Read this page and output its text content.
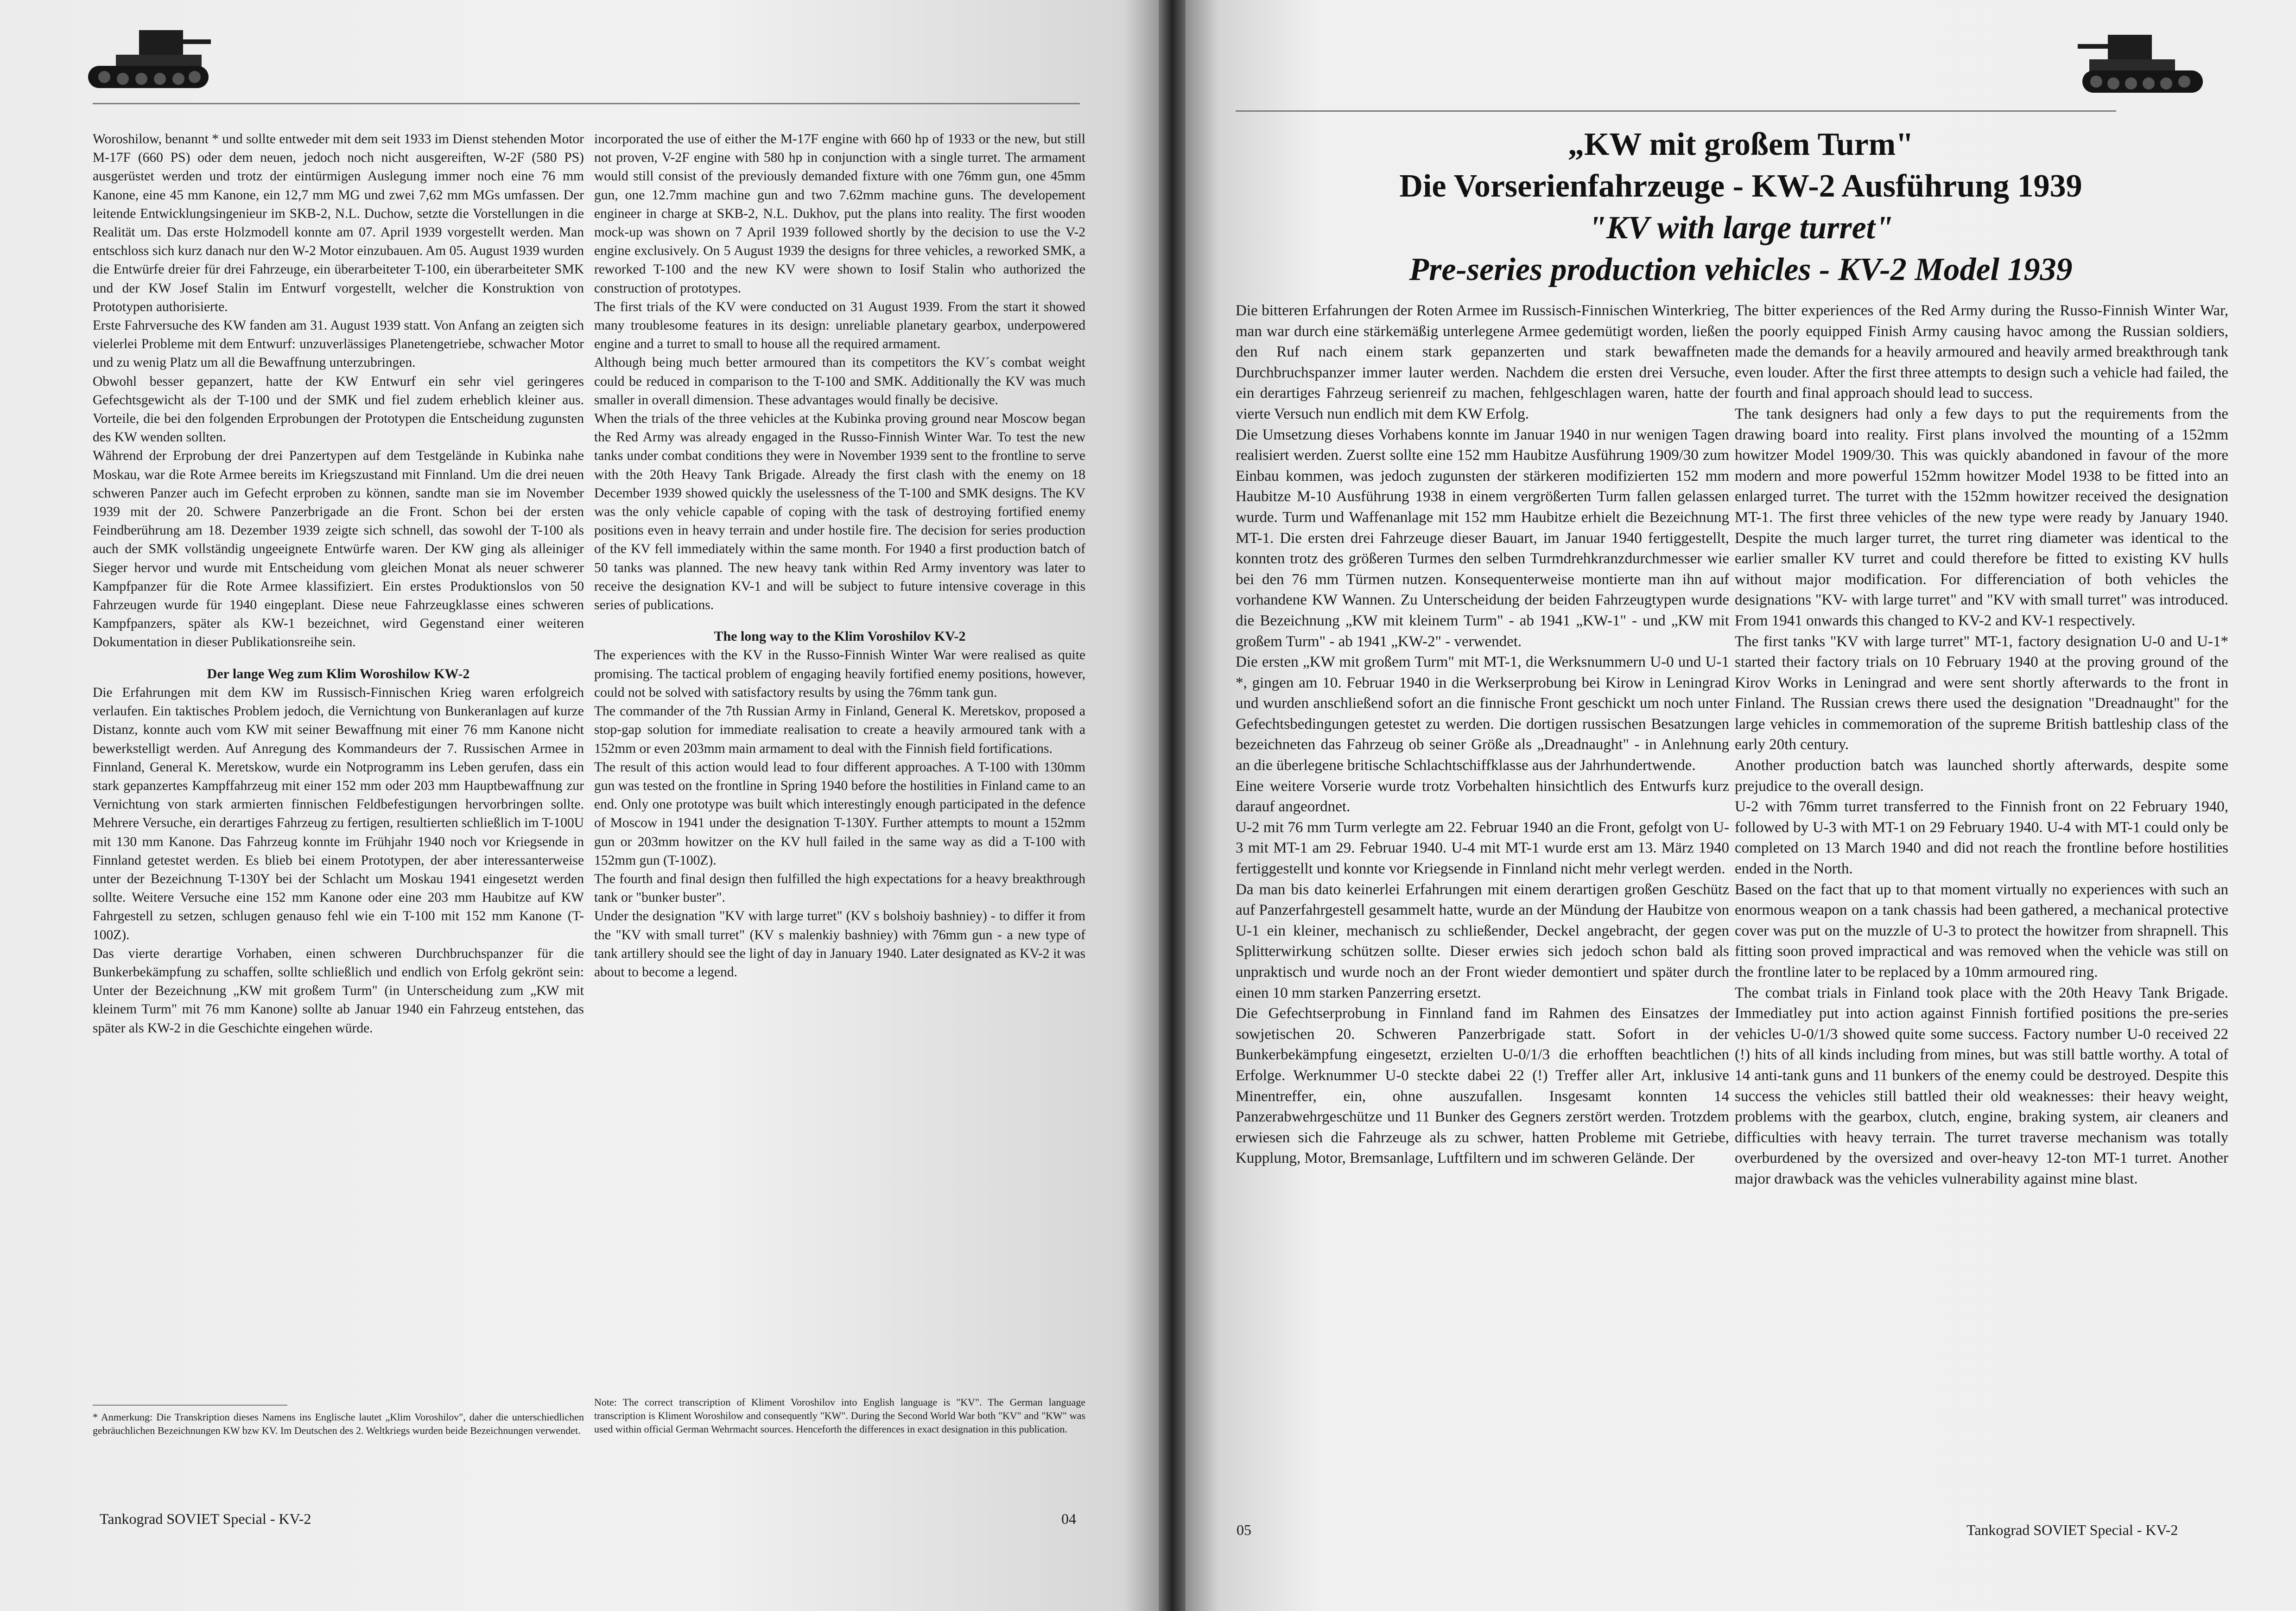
Woroshilow, benannt * und sollte entweder mit dem seit 1933 im Dienst stehenden Motor M-17F (660 PS) oder dem neuen, jedoch noch nicht ausgereiften, W-2F (580 PS) ausgerüstet werden und trotz der eintürmigen Auslegung immer noch eine 76 mm Kanone, eine 45 mm Kanone, ein 12,7 mm MG und zwei 7,62 mm MGs umfassen. Der leitende Entwicklungsingenieur im SKB-2, N.L. Duchow, setzte die Vorstellungen in die Realität um. Das erste Holzmodell konnte am 07. April 1939 vorgestellt werden. Man entschloss sich kurz danach nur den W-2 Motor einzubauen. Am 05. August 1939 wurden die Entwürfe dreier für drei Fahrzeuge, ein überarbeiteter T-100, ein überarbeiteter SMK und der KW Josef Stalin im Entwurf vorgestellt, welcher die Konstruktion von Prototypen authorisierte.

Erste Fahrversuche des KW fanden am 31. August 1939 statt. Von Anfang an zeigten sich vielerlei Probleme mit dem Entwurf: unzuverlässiges Planetengetriebe, schwacher Motor und zu wenig Platz um all die Bewaffnung unterzubringen.

Obwohl besser gepanzert, hatte der KW Entwurf ein sehr viel geringeres Gefechtsgewicht als der T-100 und der SMK und fiel zudem erheblich kleiner aus. Vorteile, die bei den folgenden Erprobungen der Prototypen die Entscheidung zugunsten des KW wenden sollten.

Während der Erprobung der drei Panzertypen auf dem Testgelände in Kubinka nahe Moskau, war die Rote Armee bereits im Kriegszustand mit Finnland. Um die drei neuen schweren Panzer auch im Gefecht erproben zu können, sandte man sie im November 1939 mit der 20. Schwere Panzerbrigade an die Front. Schon bei der ersten Feindberührung am 18. Dezember 1939 zeigte sich schnell, das sowohl der T-100 als auch der SMK vollständig ungeeignete Entwürfe waren. Der KW ging als alleiniger Sieger hervor und wurde mit Entscheidung vom gleichen Monat als neuer schwerer Kampfpanzer für die Rote Armee klassifiziert. Ein erstes Produktionslos von 50 Fahrzeugen wurde für 1940 eingeplant. Diese neue Fahrzeugklasse eines schweren Kampfpanzers, später als KW-1 bezeichnet, wird Gegenstand einer weiteren Dokumentation in dieser Publikationsreihe sein.

Der lange Weg zum Klim Woroshilow KW-2

Die Erfahrungen mit dem KW im Russisch-Finnischen Krieg waren erfolgreich verlaufen. Ein taktisches Problem jedoch, die Vernichtung von Bunkeranlagen auf kurze Distanz, konnte auch vom KW mit seiner Bewaffnung mit einer 76 mm Kanone nicht bewerkstelligt werden. Auf Anregung des Kommandeurs der 7. Russischen Armee in Finnland, General K. Meretskow, wurde ein Notprogramm ins Leben gerufen, dass ein stark gepanzertes Kampffahrzeug mit einer 152 mm oder 203 mm Hauptbewaffnung zur Vernichtung von stark armierten finnischen Feldbefestigungen hervorbringen sollte. Mehrere Versuche, ein derartiges Fahrzeug zu fertigen, resultierten schließlich im T-100U mit 130 mm Kanone. Das Fahrzeug konnte im Frühjahr 1940 noch vor Kriegsende in Finnland getestet werden. Es blieb bei einem Prototypen, der aber interessanterweise unter der Bezeichnung T-130Y bei der Schlacht um Moskau 1941 eingesetzt werden sollte. Weitere Versuche eine 152 mm Kanone oder eine 203 mm Haubitze auf KW Fahrgestell zu setzen, schlugen genauso fehl wie ein T-100 mit 152 mm Kanone (T-100Z).

Das vierte derartige Vorhaben, einen schweren Durchbruchspanzer für die Bunkerbekämpfung zu schaffen, sollte schließlich und endlich von Erfolg gekrönt sein: Unter der Bezeichnung „KW mit großem Turm" (in Unterscheidung zum „KW mit kleinem Turm" mit 76 mm Kanone) sollte ab Januar 1940 ein Fahrzeug entstehen, das später als KW-2 in die Geschichte eingehen würde.

incorporated the use of either the M-17F engine with 660 hp of 1933 or the new, but still not proven, V-2F engine with 580 hp in conjunction with a single turret. The armament would still consist of the previously demanded fixture with one 76mm gun, one 45mm gun, one 12.7mm machine gun and two 7.62mm machine guns. The developement engineer in charge at SKB-2, N.L. Dukhov, put the plans into reality. The first wooden mock-up was shown on 7 April 1939 followed shortly by the decision to use the V-2 engine exclusively. On 5 August 1939 the designs for three vehicles, a reworked SMK, a reworked T-100 and the new KV were shown to Iosif Stalin who authorized the construction of prototypes.

The first trials of the KV were conducted on 31 August 1939. From the start it showed many troublesome features in its design: unreliable planetary gearbox, underpowered engine and a turret to small to house all the required armament.

Although being much better armoured than its competitors the KV´s combat weight could be reduced in comparison to the T-100 and SMK. Additionally the KV was much smaller in overall dimension. These advantages would finally be decisive.

When the trials of the three vehicles at the Kubinka proving ground near Moscow began the Red Army was already engaged in the Russo-Finnish Winter War. To test the new tanks under combat conditions they were in November 1939 sent to the frontline to serve with the 20th Heavy Tank Brigade. Already the first clash with the enemy on 18 December 1939 showed quickly the uselessness of the T-100 and SMK designs. The KV was the only vehicle capable of coping with the task of destroying fortified enemy positions even in heavy terrain and under hostile fire. The decision for series production of the KV fell immediately within the same month. For 1940 a first production batch of 50 tanks was planned. The new heavy tank within Red Army inventory was later to receive the designation KV-1 and will be subject to future intensive coverage in this series of publications.

The long way to the Klim Voroshilov KV-2

The experiences with the KV in the Russo-Finnish Winter War were realised as quite promising. The tactical problem of engaging heavily fortified enemy positions, however, could not be solved with satisfactory results by using the 76mm tank gun.

The commander of the 7th Russian Army in Finland, General K. Meretskov, proposed a stop-gap solution for immediate realisation to create a heavily armoured tank with a 152mm or even 203mm main armament to deal with the Finnish field fortifications.

The result of this action would lead to four different approaches. A T-100 with 130mm gun was tested on the frontline in Spring 1940 before the hostilities in Finland came to an end. Only one prototype was built which interestingly enough participated in the defence of Moscow in 1941 under the designation T-130Y. Further attempts to mount a 152mm gun or 203mm howitzer on the KV hull failed in the same way as did a T-100 with 152mm gun (T-100Z).

The fourth and final design then fulfilled the high expectations for a heavy breakthrough tank or "bunker buster".

Under the designation "KV with large turret" (KV s bolshoiy bashniey) - to differ it from the "KV with small turret" (KV s malenkiy bashniey) with 76mm gun - a new type of tank artillery should see the light of day in January 1940. Later designated as KV-2 it was about to become a legend.

* Anmerkung: Die Transkription dieses Namens ins Englische lautet „Klim Voroshilov", daher die unterschiedlichen gebräuchlichen Bezeichnungen KW bzw KV. Im Deutschen des 2. Weltkriegs wurden beide Bezeichnungen verwendet.
Note: The correct transcription of Kliment Voroshilov into English language is "KV". The German language transcription is Kliment Woroshilow and consequently "KW". During the Second World War both "KV" and "KW" was used within official German Wehrmacht sources. Henceforth the differences in exact designation in this publication.
Tankograd SOVIET Special - KV-2	04
„KW mit großem Turm"
Die Vorserienfahrzeuge - KW-2 Ausführung 1939
"KV with large turret"
Pre-series production vehicles - KV-2 Model 1939

Die bitteren Erfahrungen der Roten Armee im Russisch-Finnischen Winterkrieg, man war durch eine stärkemäßig unterlegene Armee gedemütigt worden, ließen den Ruf nach einem stark gepanzerten und stark bewaffneten Durchbruchspanzer immer lauter werden. Nachdem die ersten drei Versuche, ein derartiges Fahrzeug serienreif zu machen, fehlgeschlagen waren, hatte der vierte Versuch nun endlich mit dem KW Erfolg.

Die Umsetzung dieses Vorhabens konnte im Januar 1940 in nur wenigen Tagen realisiert werden. Zuerst sollte eine 152 mm Haubitze Ausführung 1909/30 zum Einbau kommen, was jedoch zugunsten der stärkeren modifizierten 152 mm Haubitze M-10 Ausführung 1938 in einem vergrößerten Turm fallen gelassen wurde. Turm und Waffenanlage mit 152 mm Haubitze erhielt die Bezeichnung MT-1. Die ersten drei Fahrzeuge dieser Bauart, im Januar 1940 fertiggestellt, konnten trotz des größeren Turmes den selben Turmdrehkranzdurchmesser wie bei den 76 mm Türmen nutzen. Konsequenterweise montierte man ihn auf vorhandene KW Wannen. Zu Unterscheidung der beiden Fahrzeugtypen wurde die Bezeichnung „KW mit kleinem Turm" - ab 1941 „KW-1" - und „KW mit großem Turm" - ab 1941 „KW-2" - verwendet.

Die ersten „KW mit großem Turm" mit MT-1, die Werksnummern U-0 und U-1 *, gingen am 10. Februar 1940 in die Werkserprobung bei Kirow in Leningrad und wurden anschließend sofort an die finnische Front geschickt um noch unter Gefechtsbedingungen getestet zu werden. Die dortigen russischen Besatzungen bezeichneten das Fahrzeug ob seiner Größe als „Dreadnaught" - in Anlehnung an die überlegene britische Schlachtschiffklasse aus der Jahrhundertwende.

Eine weitere Vorserie wurde trotz Vorbehalten hinsichtlich des Entwurfs kurz darauf angeordnet.

U-2 mit 76 mm Turm verlegte am 22. Februar 1940 an die Front, gefolgt von U-3 mit MT-1 am 29. Februar 1940. U-4 mit MT-1 wurde erst am 13. März 1940 fertiggestellt und konnte vor Kriegsende in Finnland nicht mehr verlegt werden.

Da man bis dato keinerlei Erfahrungen mit einem derartigen großen Geschütz auf Panzerfahrgestell gesammelt hatte, wurde an der Mündung der Haubitze von U-1 ein kleiner, mechanisch zu schließender, Deckel angebracht, der gegen Splitterwirkung schützen sollte. Dieser erwies sich jedoch schon bald als unpraktisch und wurde noch an der Front wieder demontiert und später durch einen 10 mm starken Panzerring ersetzt.

Die Gefechtserprobung in Finnland fand im Rahmen des Einsatzes der sowjetischen 20. Schweren Panzerbrigade statt. Sofort in der Bunkerbekämpfung eingesetzt, erzielten U-0/1/3 die erhofften beachtlichen Erfolge. Werknummer U-0 steckte dabei 22 (!) Treffer aller Art, inklusive Minentreffer, ein, ohne auszufallen. Insgesamt konnten 14 Panzerabwehrgeschütze und 11 Bunker des Gegners zerstört werden. Trotzdem erwiesen sich die Fahrzeuge als zu schwer, hatten Probleme mit Getriebe, Kupplung, Motor, Bremsanlage, Luftfiltern und im schweren Gelände. Der

The bitter experiences of the Red Army during the Russo-Finnish Winter War, the poorly equipped Finish Army causing havoc among the Russian soldiers, made the demands for a heavily armoured and heavily armed breakthrough tank even louder. After the first three attempts to design such a vehicle had failed, the fourth and final approach should lead to success.

The tank designers had only a few days to put the requirements from the drawing board into reality. First plans involved the mounting of a 152mm howitzer Model 1909/30. This was quickly abandoned in favour of the more modern and more powerful 152mm howitzer Model 1938 to be fitted into an enlarged turret. The turret with the 152mm howitzer received the designation MT-1. The first three vehicles of the new type were ready by January 1940. Despite the much larger turret, the turret ring diameter was identical to the earlier smaller KV turret and could therefore be fitted to existing KV hulls without major modification. For differenciation of both vehicles the designations "KV- with large turret" and "KV with small turret" was introduced. From 1941 onwards this changed to KV-2 and KV-1 respectively.

The first tanks "KV with large turret" MT-1, factory designation U-0 and U-1* started their factory trials on 10 February 1940 at the proving ground of the Kirov Works in Leningrad and were sent shortly afterwards to the front in Finland. The Russian crews there used the designation "Dreadnaught" for the large vehicles in commemoration of the supreme British battleship class of the early 20th century.

Another production batch was launched shortly afterwards, despite some prejudice to the overall design.

U-2 with 76mm turret transferred to the Finnish front on 22 February 1940, followed by U-3 with MT-1 on 29 February 1940. U-4 with MT-1 could only be completed on 13 March 1940 and did not reach the frontline before hostilities ended in the North.

Based on the fact that up to that moment virtually no experiences with such an enormous weapon on a tank chassis had been gathered, a mechanical protective cover was put on the muzzle of U-3 to protect the howitzer from shrapnell. This fitting soon proved impractical and was removed when the vehicle was still on the frontline later to be replaced by a 10mm armoured ring.

The combat trials in Finland took place with the 20th Heavy Tank Brigade. Immediatley put into action against Finnish fortified positions the pre-series vehicles U-0/1/3 showed quite some success. Factory number U-0 received 22 (!) hits of all kinds including from mines, but was still battle worthy. A total of 14 anti-tank guns and 11 bunkers of the enemy could be destroyed. Despite this success the vehicles still battled their old weaknesses: their heavy weight, problems with the gearbox, clutch, engine, braking system, air cleaners and difficulties with heavy terrain. The turret traverse mechanism was totally overburdened by the oversized and over-heavy 12-ton MT-1 turret. Another major drawback was the vehicles vulnerability against mine blast.

05	Tankograd SOVIET Special - KV-2
